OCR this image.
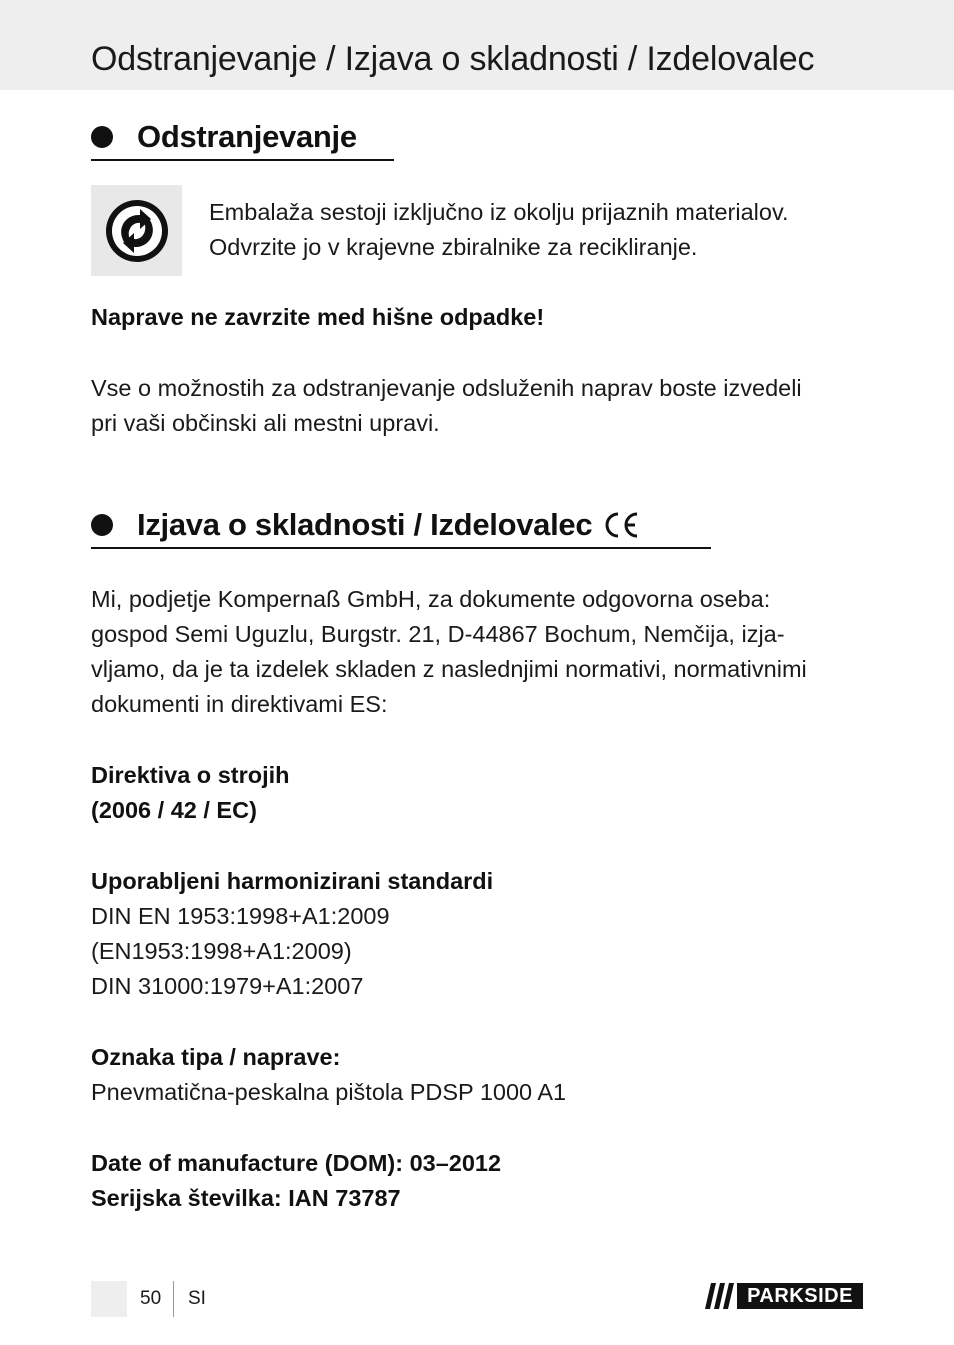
Odstranjevanje / Izjava o skladnosti / Izdelovalec
Odstranjevanje
Embalaža sestoji izključno iz okolju prijaznih materialov.
Odvrzite jo v krajevne zbiralnike za recikliranje.
Naprave ne zavrzite med hišne odpadke!
Vse o možnostih za odstranjevanje odsluženih naprav boste izvedeli
pri vaši občinski ali mestni upravi.
Izjava o skladnosti / Izdelovalec
Mi, podjetje Kompernaß GmbH, za dokumente odgovorna oseba:
gospod Semi Uguzlu, Burgstr. 21, D-44867 Bochum, Nemčija, izja-
vljamo, da je ta izdelek skladen z naslednjimi normativi, normativnimi
dokumenti in direktivami ES:
Direktiva o strojih
(2006 / 42 / EC)
Uporabljeni harmonizirani standardi
DIN EN 1953:1998+A1:2009
(EN1953:1998+A1:2009)
DIN 31000:1979+A1:2007
Oznaka tipa / naprave:
Pnevmatična-peskalna pištola PDSP 1000 A1
Date of manufacture (DOM): 03–2012
Serijska številka: IAN 73787
50 SI	PARKSIDE
